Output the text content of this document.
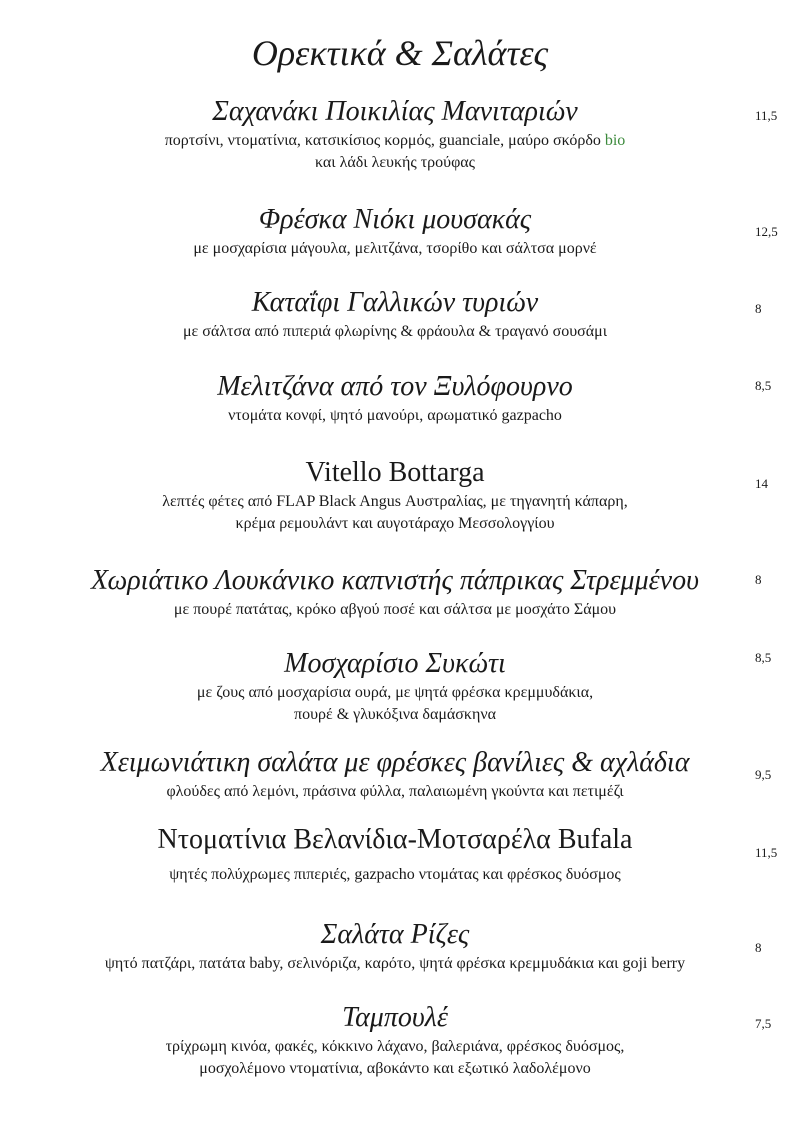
Ορεκτικά & Σαλάτες
Σαχανάκι Ποικιλίας Μανιταριών
πορτσίνι, ντοματίνια, κατσικίσιος κορμός, guanciale, μαύρο σκόρδο bio
και λάδι λευκής τρούφας
11,5
Φρέσκα Νιόκι μουσακάς
με μοσχαρίσια μάγουλα, μελιτζάνα, τσορίθο και σάλτσα μορνέ
12,5
Καταΐφι Γαλλικών τυριών
με σάλτσα από πιπεριά φλωρίνης & φράουλα & τραγανό σουσάμι
8
Μελιτζάνα από τον Ξυλόφουρνο
ντομάτα κονφί, ψητό μανούρι, αρωματικό gazpacho
8,5
Vitello Bottarga
λεπτές φέτες από FLAP Black Angus Αυστραλίας, με τηγανητή κάπαρη,
κρέμα ρεμουλάντ και αυγοτάραχο Μεσσολογγίου
14
Χωριάτικο Λουκάνικο καπνιστής πάπρικας Στρεμμένου
με πουρέ πατάτας, κρόκο αβγού ποσέ και σάλτσα με μοσχάτο Σάμου
8
Μοσχαρίσιο Συκώτι
με ζους από μοσχαρίσια ουρά, με ψητά φρέσκα κρεμμυδάκια,
πουρέ & γλυκόξινα δαμάσκηνα
8,5
Χειμωνιάτικη σαλάτα με φρέσκες βανίλιες & αχλάδια
φλούδες από λεμόνι, πράσινα φύλλα, παλαιωμένη γκούντα και πετιμέζι
9,5
Ντοματίνια Βελανίδια-Μοτσαρέλα Bufala
ψητές πολύχρωμες πιπεριές, gazpacho ντομάτας και φρέσκος δυόσμος
11,5
Σαλάτα Ρίζες
ψητό πατζάρι, πατάτα baby, σελινόριζα, καρότο, ψητά φρέσκα κρεμμυδάκια και goji berry
8
Ταμπουλέ
τρίχρωμη κινόα, φακές, κόκκινο λάχανο, βαλεριάνα, φρέσκος δυόσμος,
μοσχολέμονο ντοματίνια, αβοκάντο και εξωτικό λαδολέμονο
7,5
